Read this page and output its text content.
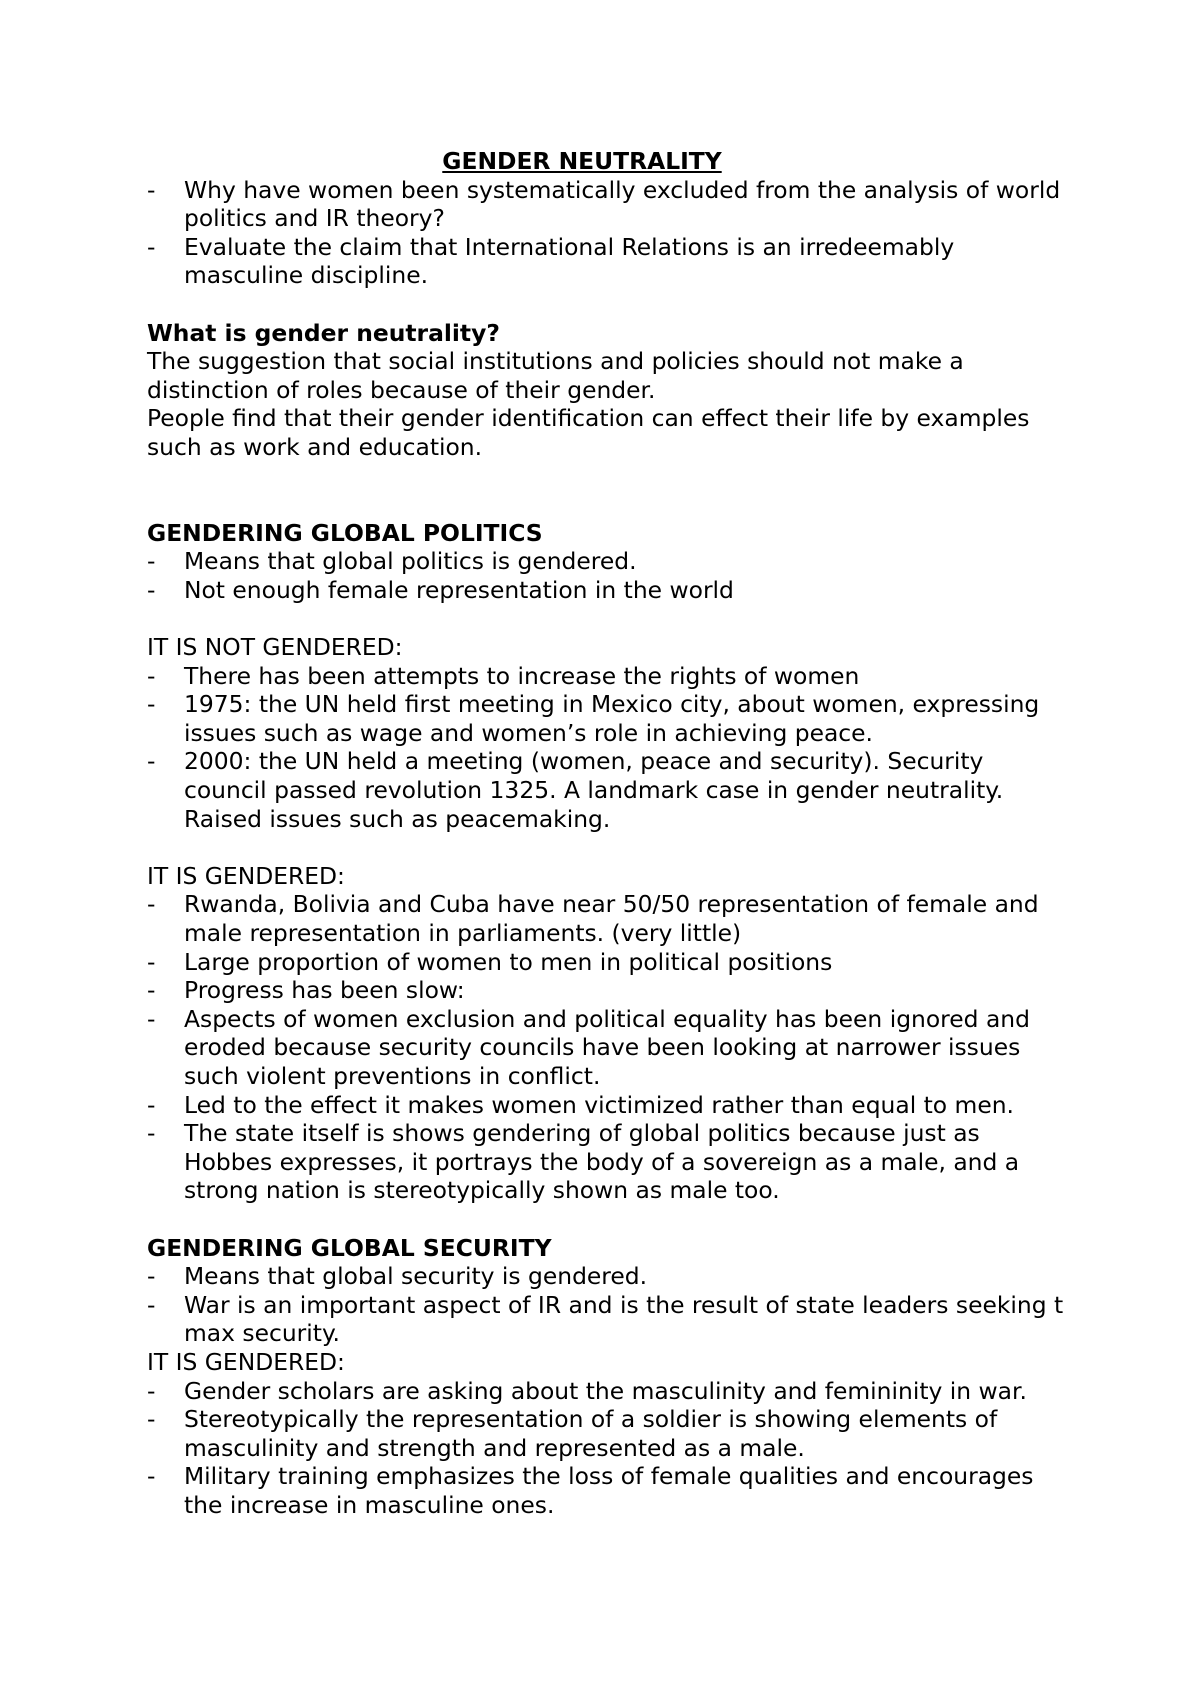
GENDER NEUTRALITY

- Why have women been systematically excluded from the analysis of world politics and IR theory?
- Evaluate the claim that International Relations is an irredeemably masculine discipline.

What is gender neutrality?

The suggestion that social institutions and policies should not make a distinction of roles because of their gender.

People find that their gender identification can effect their life by examples such as work and education.

GENDERING GLOBAL POLITICS

- Means that global politics is gendered.
- Not enough female representation in the world

IT IS NOT GENDERED:

- There has been attempts to increase the rights of women
- 1975: the UN held first meeting in Mexico city, about women, expressing issues such as wage and women’s role in achieving peace.
- 2000: the UN held a meeting (women, peace and security). Security council passed revolution 1325. A landmark case in gender neutrality. Raised issues such as peacemaking.

IT IS GENDERED:

- Rwanda, Bolivia and Cuba have near 50/50 representation of female and male representation in parliaments. (very little)
- Large proportion of women to men in political positions
- Progress has been slow:
- Aspects of women exclusion and political equality has been ignored and eroded because security councils have been looking at narrower issues such violent preventions in conflict.
- Led to the effect it makes women victimized rather than equal to men.
- The state itself is shows gendering of global politics because just as Hobbes expresses, it portrays the body of a sovereign as a male, and a strong nation is stereotypically shown as male too.

GENDERING GLOBAL SECURITY

- Means that global security is gendered.
- War is an important aspect of IR and is the result of state leaders seeking t max security.

IT IS GENDERED:

- Gender scholars are asking about the masculinity and femininity in war.
- Stereotypically the representation of a soldier is showing elements of masculinity and strength and represented as a male.
- Military training emphasizes the loss of female qualities and encourages the increase in masculine ones.
